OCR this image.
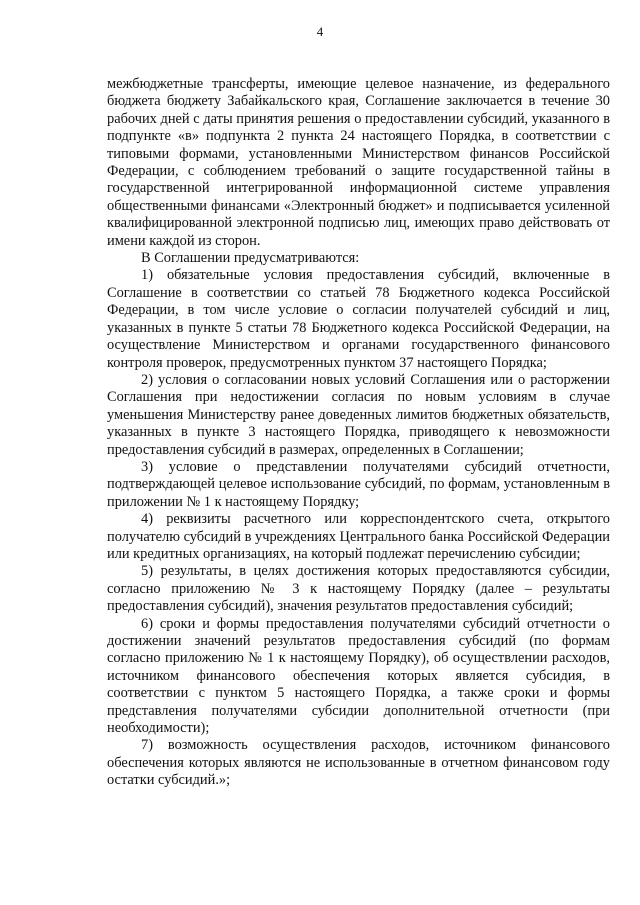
4

межбюджетные трансферты, имеющие целевое назначение, из федерального бюджета бюджету Забайкальского края, Соглашение заключается в течение 30 рабочих дней с даты принятия решения о предоставлении субсидий, указанного в подпункте «в» подпункта 2 пункта 24 настоящего Порядка, в соответствии с типовыми формами, установленными Министерством финансов Российской Федерации, с соблюдением требований о защите государственной тайны в государственной интегрированной информационной системе управления общественными финансами «Электронный бюджет» и подписывается усиленной квалифицированной электронной подписью лиц, имеющих право действовать от имени каждой из сторон.

В Соглашении предусматриваются:

1) обязательные условия предоставления субсидий, включенные в Соглашение в соответствии со статьей 78 Бюджетного кодекса Российской Федерации, в том числе условие о согласии получателей субсидий и лиц, указанных в пункте 5 статьи 78 Бюджетного кодекса Российской Федерации, на осуществление Министерством и органами государственного финансового контроля проверок, предусмотренных пунктом 37 настоящего Порядка;

2) условия о согласовании новых условий Соглашения или о расторжении Соглашения при недостижении согласия по новым условиям в случае уменьшения Министерству ранее доведенных лимитов бюджетных обязательств, указанных в пункте 3 настоящего Порядка, приводящего к невозможности предоставления субсидий в размерах, определенных в Соглашении;

3) условие о представлении получателями субсидий отчетности, подтверждающей целевое использование субсидий, по формам, установленным в приложении № 1 к настоящему Порядку;

4) реквизиты расчетного или корреспондентского счета, открытого получателю субсидий в учреждениях Центрального банка Российской Федерации или кредитных организациях, на который подлежат перечислению субсидии;

5) результаты, в целях достижения которых предоставляются субсидии, согласно приложению № 3 к настоящему Порядку (далее – результаты предоставления субсидий), значения результатов предоставления субсидий;

6) сроки и формы предоставления получателями субсидий отчетности о достижении значений результатов предоставления субсидий (по формам согласно приложению № 1 к настоящему Порядку), об осуществлении расходов, источником финансового обеспечения которых является субсидия, в соответствии с пунктом 5 настоящего Порядка, а также сроки и формы представления получателями субсидии дополнительной отчетности (при необходимости);

7) возможность осуществления расходов, источником финансового обеспечения которых являются не использованные в отчетном финансовом году остатки субсидий.»;
